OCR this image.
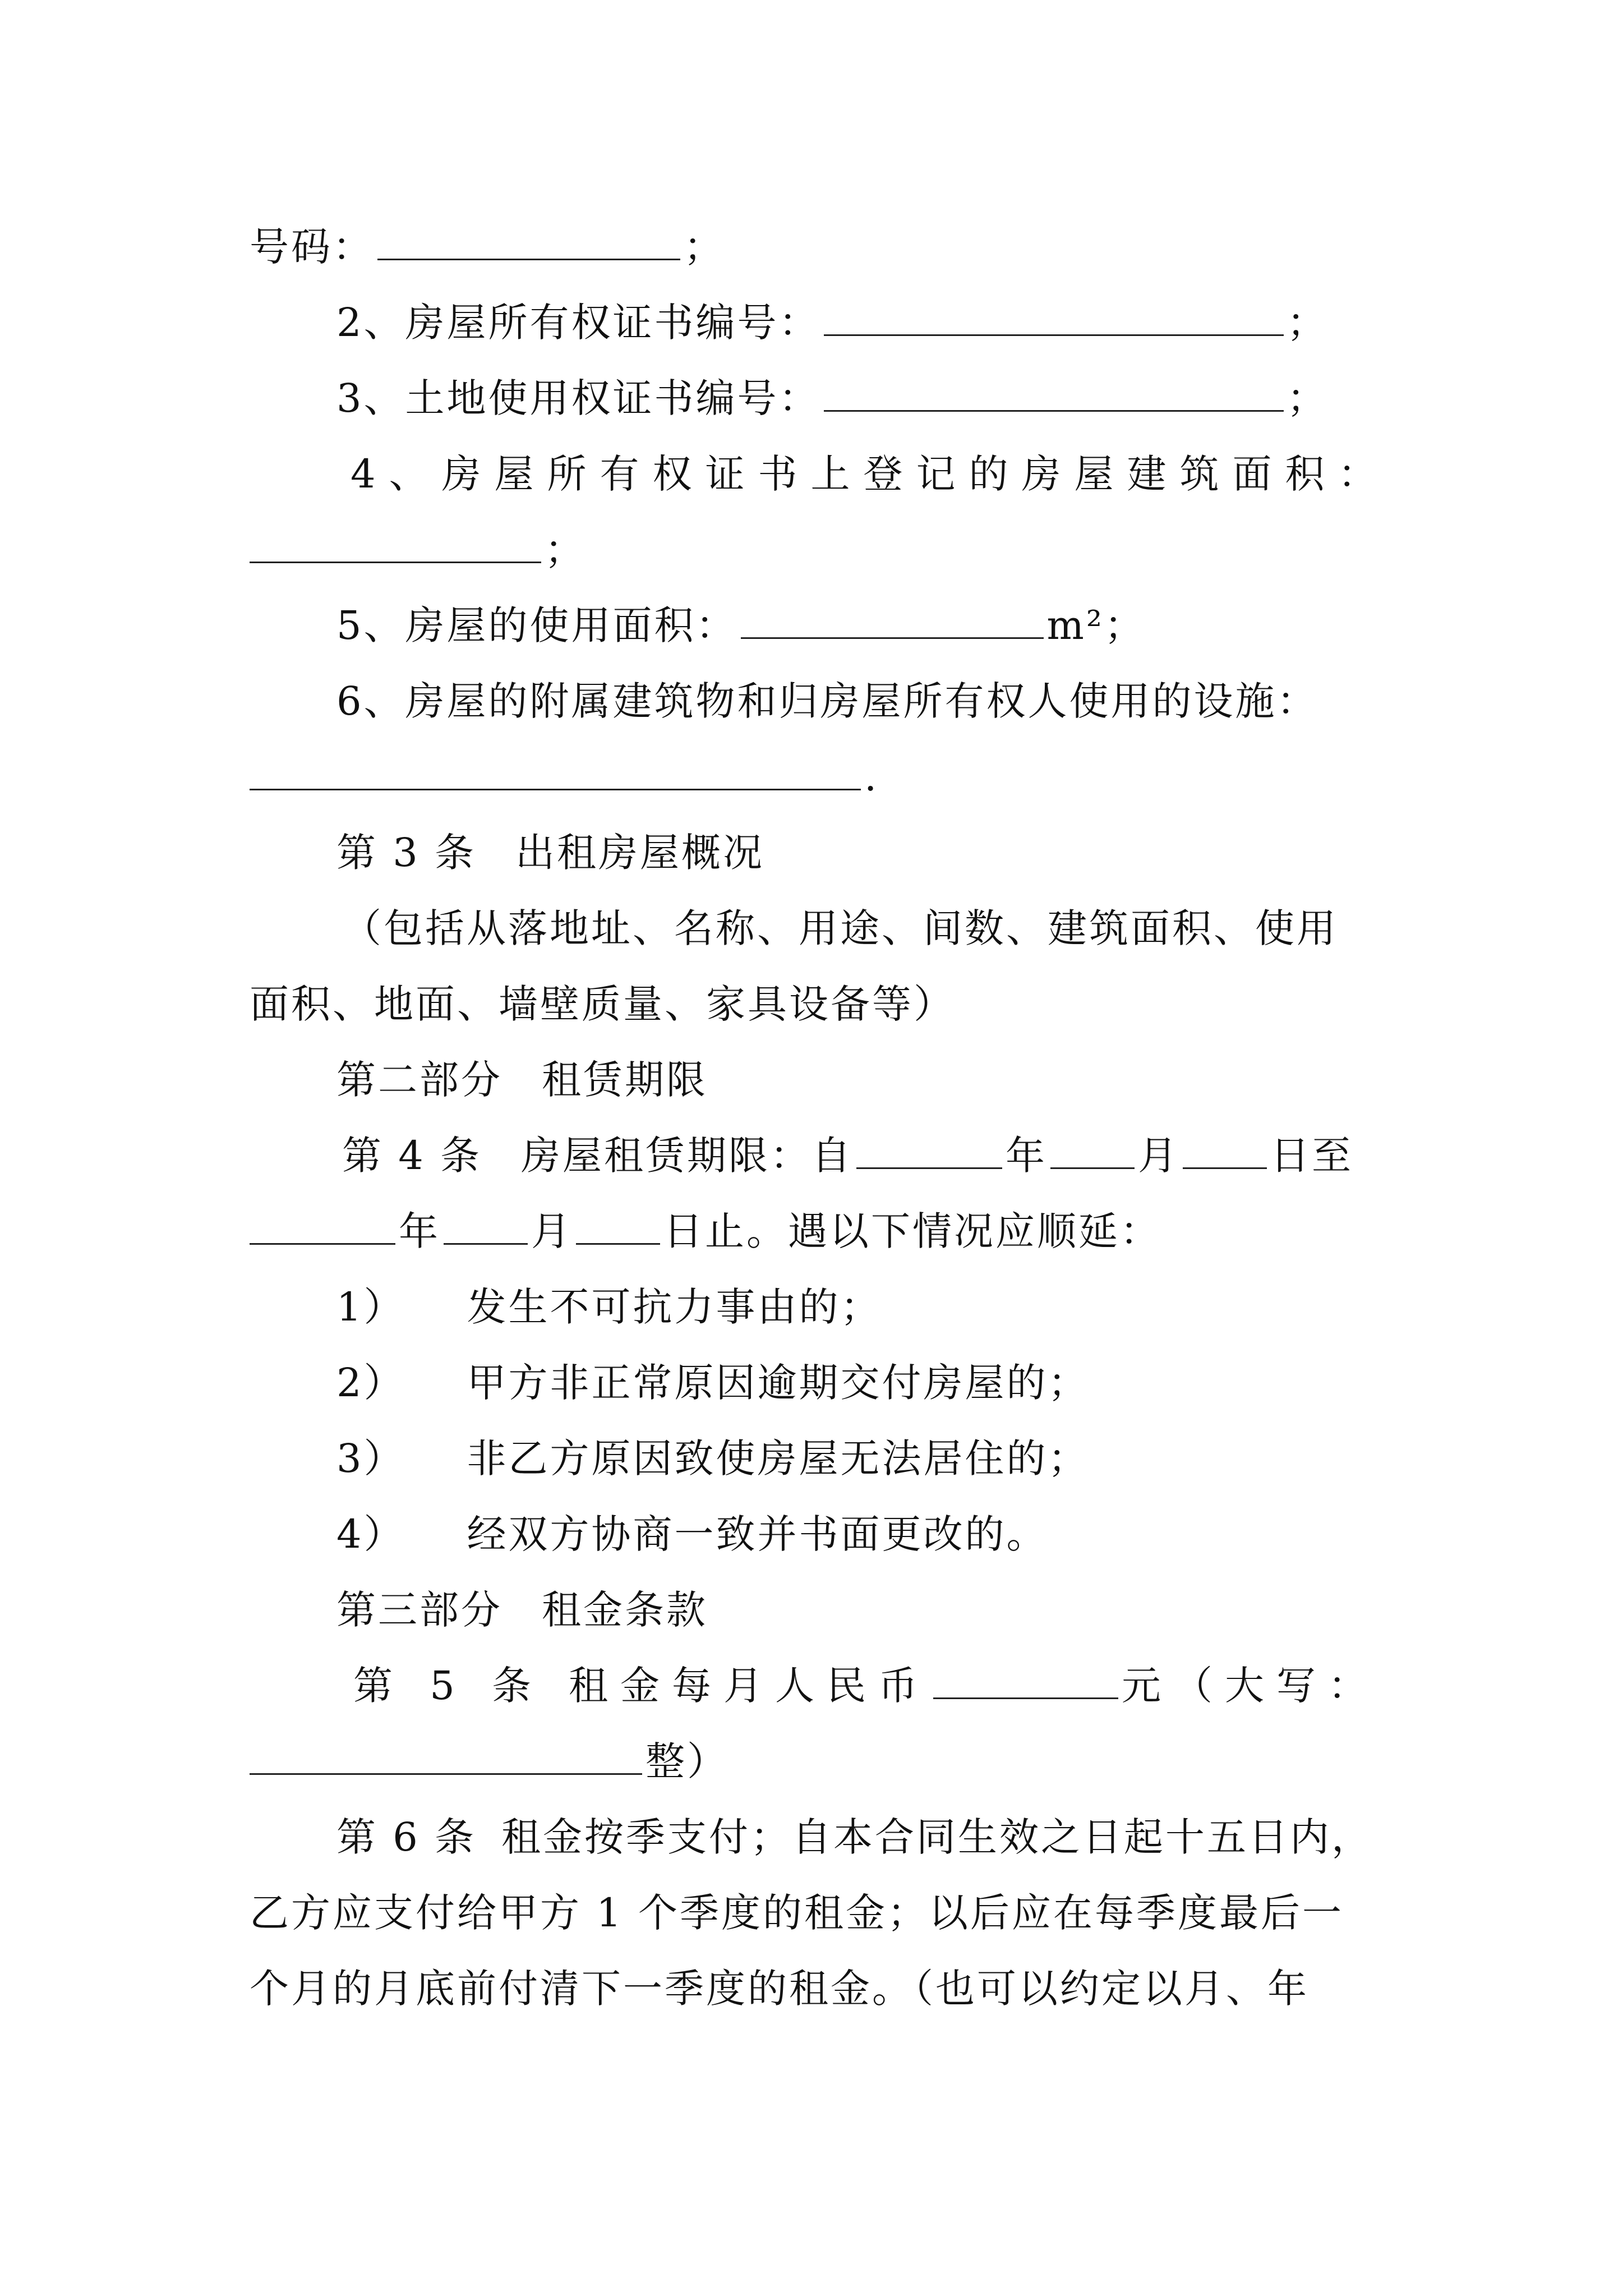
号码：	；
2、房屋所有权证书编号：	；
3、土地使用权证书编号：	；
4、房屋所有权证书上登记的房屋建筑面积：
；
5、房屋的使用面积：	m²；
6、房屋的附属建筑物和归房屋所有权人使用的设施：
.
第 3 条 出租房屋概况
（包括从落地址、名称、用途、间数、建筑面积、使用
面积、地面、墙壁质量、家具设备等）
第二部分 租赁期限
第 4 条 房屋租赁期限：自	年 月 日至
年 月 日止。遇以下情况应顺延：
1） 发生不可抗力事由的；
2） 甲方非正常原因逾期交付房屋的；
3） 非乙方原因致使房屋无法居住的；
4） 经双方协商一致并书面更改的。
第三部分 租金条款
第 5 条 租金每月人民币	元（大写：
整）
第 6 条 租金按季支付；自本合同生效之日起十五日内，
乙方应支付给甲方 1 个季度的租金；以后应在每季度最后一
个月的月底前付清下一季度的租金。（也可以约定以月、年
